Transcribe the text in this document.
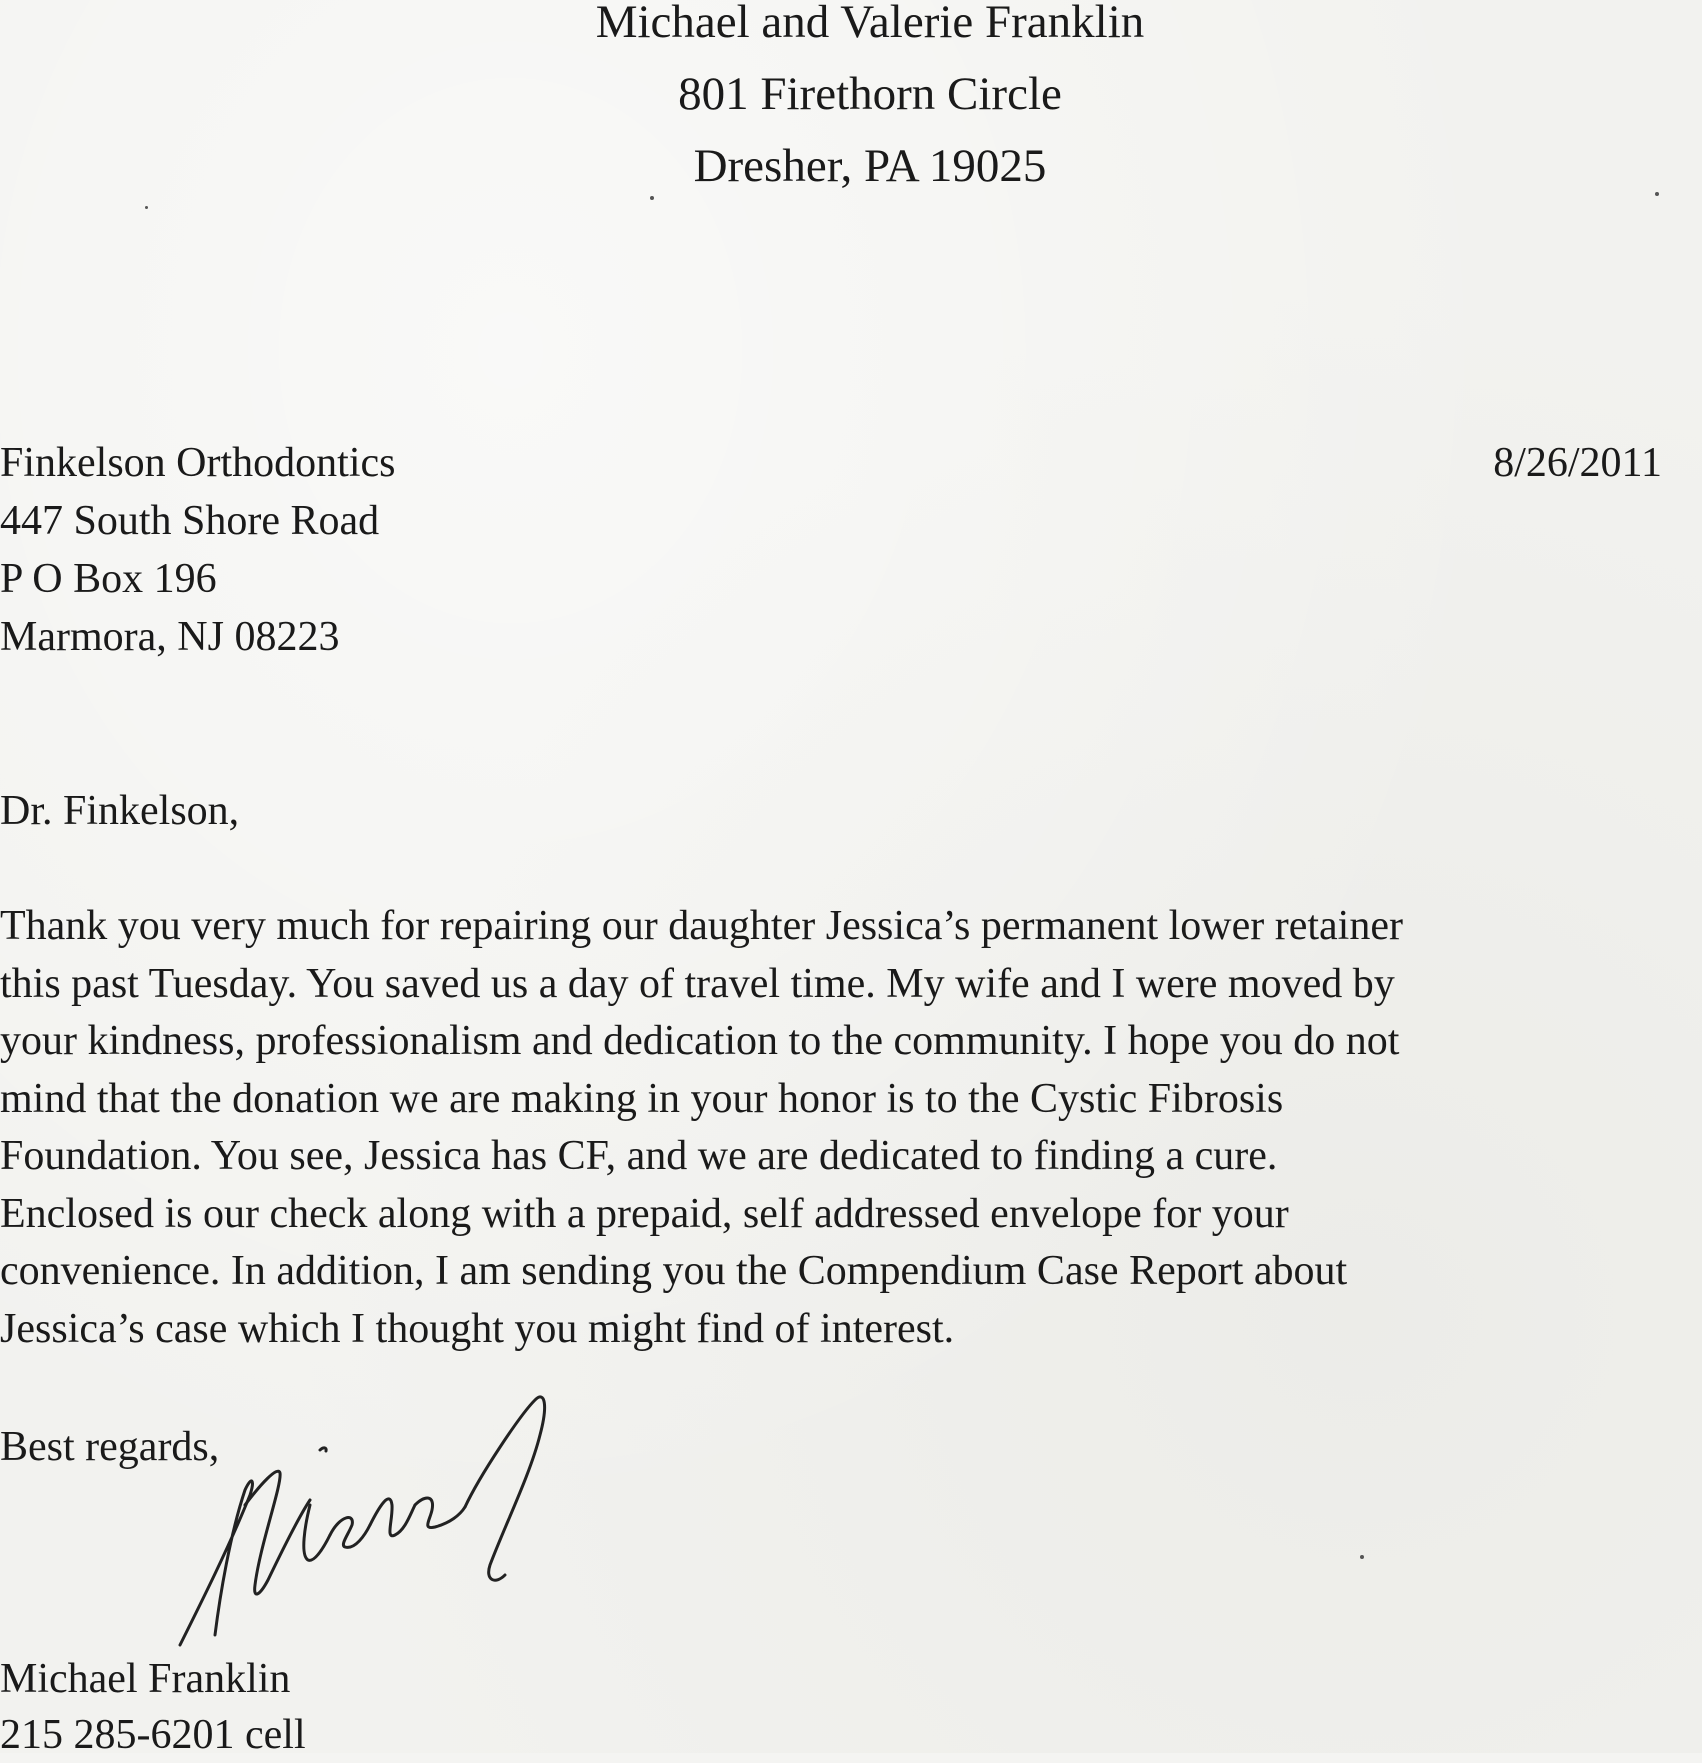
Michael and Valerie Franklin
801 Firethorn Circle
Dresher, PA 19025
Finkelson Orthodontics
447 South Shore Road
P O Box 196
Marmora, NJ 08223
8/26/2011
Dr. Finkelson,
Thank you very much for repairing our daughter Jessica’s permanent lower retainer
this past Tuesday. You saved us a day of travel time. My wife and I were moved by
your kindness, professionalism and dedication to the community. I hope you do not
mind that the donation we are making in your honor is to the Cystic Fibrosis
Foundation. You see, Jessica has CF, and we are dedicated to finding a cure.
Enclosed is our check along with a prepaid, self addressed envelope for your
convenience. In addition, I am sending you the Compendium Case Report about
Jessica’s case which I thought you might find of interest.
Best regards,
Michael Franklin
215 285-6201 cell
